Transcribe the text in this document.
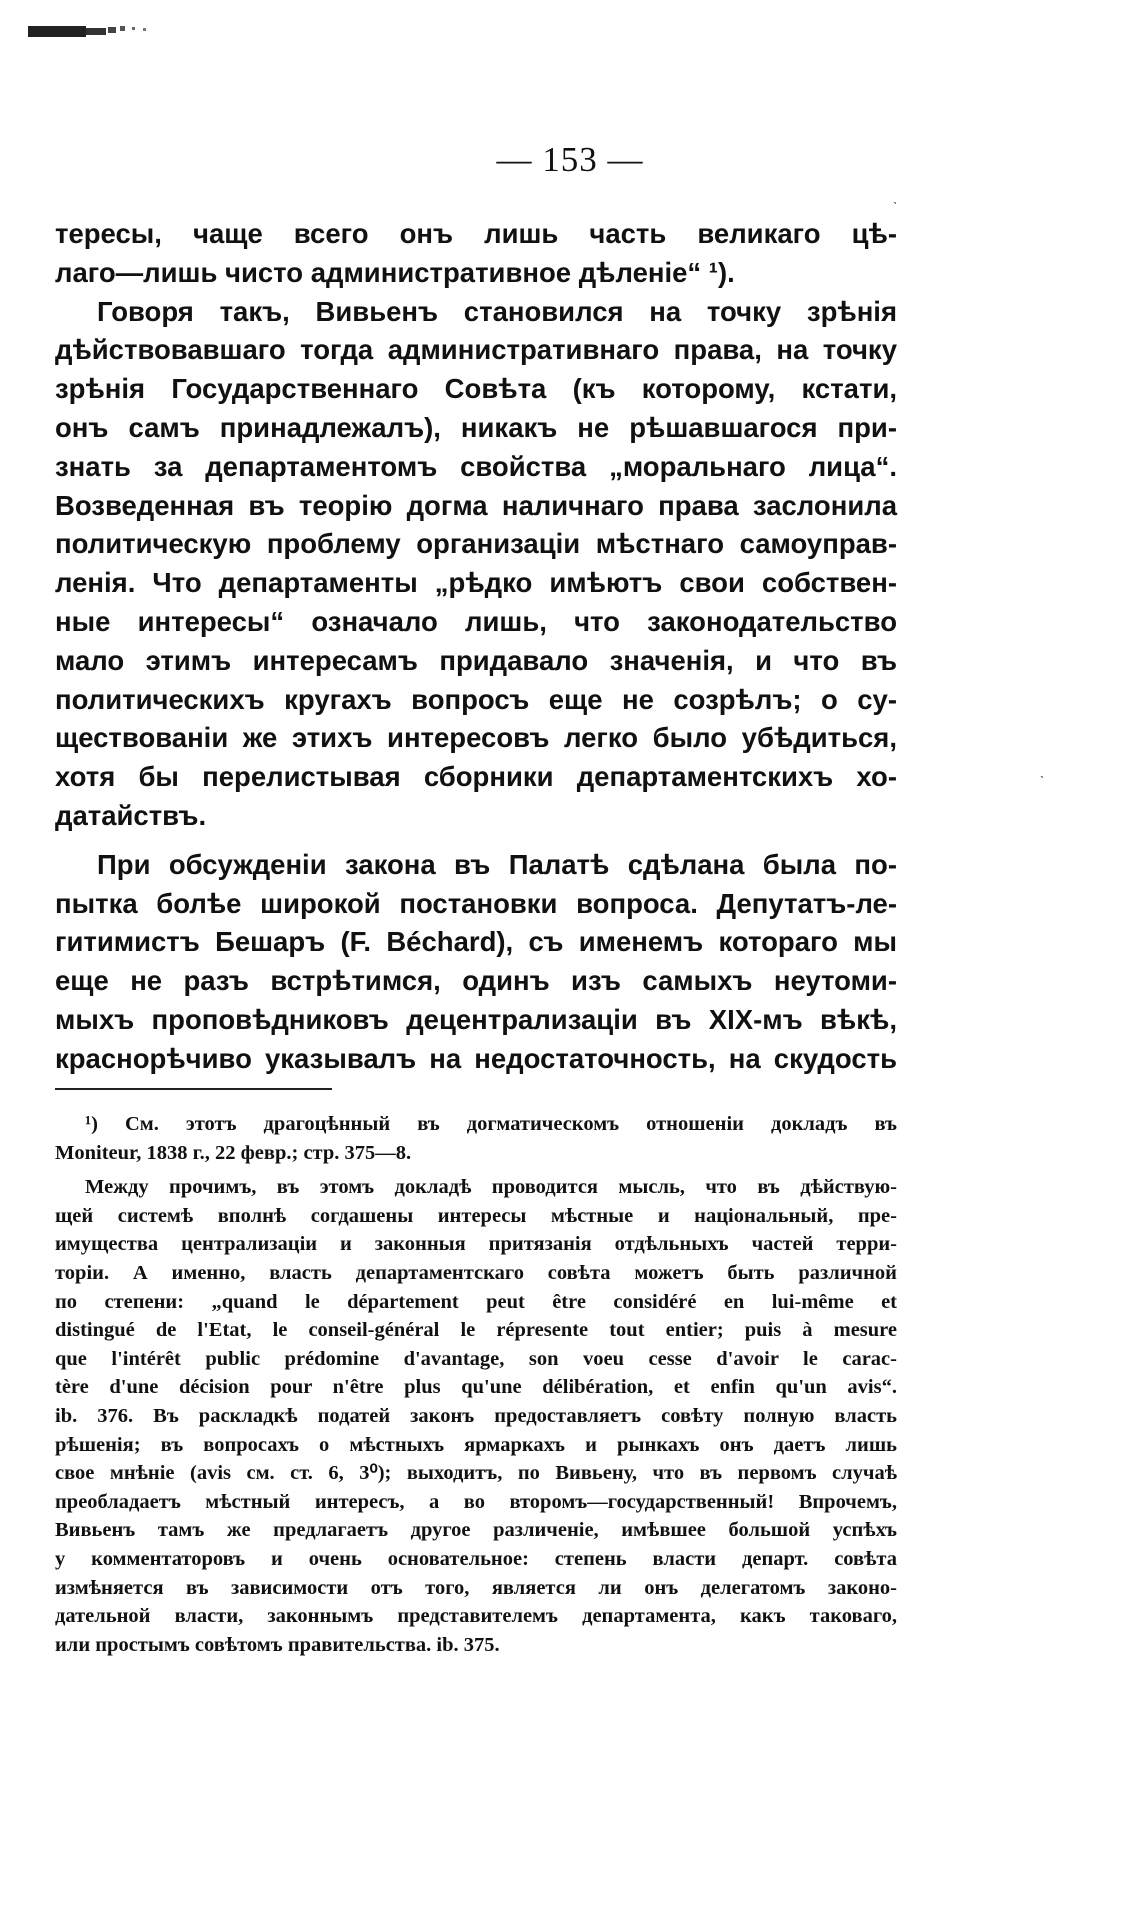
— 153 —

тересы, чаще всего онъ лишь часть великаго цѣ-
лаго—лишь чисто административное дѣленіе“ ¹).

Говоря такъ, Вивьенъ становился на точку зрѣнія
дѣйствовавшаго тогда административнаго права, на точку
зрѣнія Государственнаго Совѣта (къ которому, кстати,
онъ самъ принадлежалъ), никакъ не рѣшавшагося при-
знать за департаментомъ свойства „моральнаго лица“.
Возведенная въ теорію догма наличнаго права заслонила
политическую проблему организаціи мѣстнаго самоуправ-
ленія. Что департаменты „рѣдко имѣютъ свои собствен-
ные интересы“ означало лишь, что законодательство
мало этимъ интересамъ придавало значенія, и что въ
политическихъ кругахъ вопросъ еще не созрѣлъ; о су-
ществованіи же этихъ интересовъ легко было убѣдиться,
хотя бы перелистывая сборники департаментскихъ хо-
датайствъ.

При обсужденіи закона въ Палатѣ сдѣлана была по-
пытка болѣе широкой постановки вопроса. Депутатъ-ле-
гитимистъ Бешаръ (F. Béchard), съ именемъ котораго мы
еще не разъ встрѣтимся, одинъ изъ самыхъ неутоми-
мыхъ проповѣдниковъ децентрализаціи въ XIX-мъ вѣкѣ,
краснорѣчиво указывалъ на недостаточность, на скудость

¹) См. этотъ драгоцѣнный въ догматическомъ отношеніи докладъ въ
Moniteur, 1838 г., 22 февр.; стр. 375—8.
Между прочимъ, въ этомъ докладѣ проводится мысль, что въ дѣйствую-
щей системѣ вполнѣ согдашены интересы мѣстные и національный, пре-
имущества централизаціи и законныя притязанія отдѣльныхъ частей терри-
торіи. А именно, власть департаментскаго совѣта можетъ быть различной
по степени: „quand le département peut être considéré en lui-même et
distingué de l'Etat, le conseil-général le répresente tout entier; puis à mesure
que l'intérêt public prédomine d'avantage, son voeu cesse d'avoir le carac-
tère d'une décision pour n'être plus qu'une délibération, et enfin qu'un avis“.
ib. 376. Въ раскладкѣ податей законъ предоставляетъ совѣту полную власть
рѣшенія; въ вопросахъ о мѣстныхъ ярмаркахъ и рынкахъ онъ даетъ лишь
свое мнѣніе (avis см. ст. 6, 3⁰); выходитъ, по Вивьену, что въ первомъ случаѣ
преобладаетъ мѣстный интересъ, а во второмъ—государственный! Впрочемъ,
Вивьенъ тамъ же предлагаетъ другое различеніе, имѣвшее большой успѣхъ
у комментаторовъ и очень основательное: степень власти департ. совѣта
измѣняется въ зависимости отъ того, является ли онъ делегатомъ законо-
дательной власти, законнымъ представителемъ департамента, какъ таковаго,
или простымъ совѣтомъ правительства. ib. 375.
ˎ
ˎ
